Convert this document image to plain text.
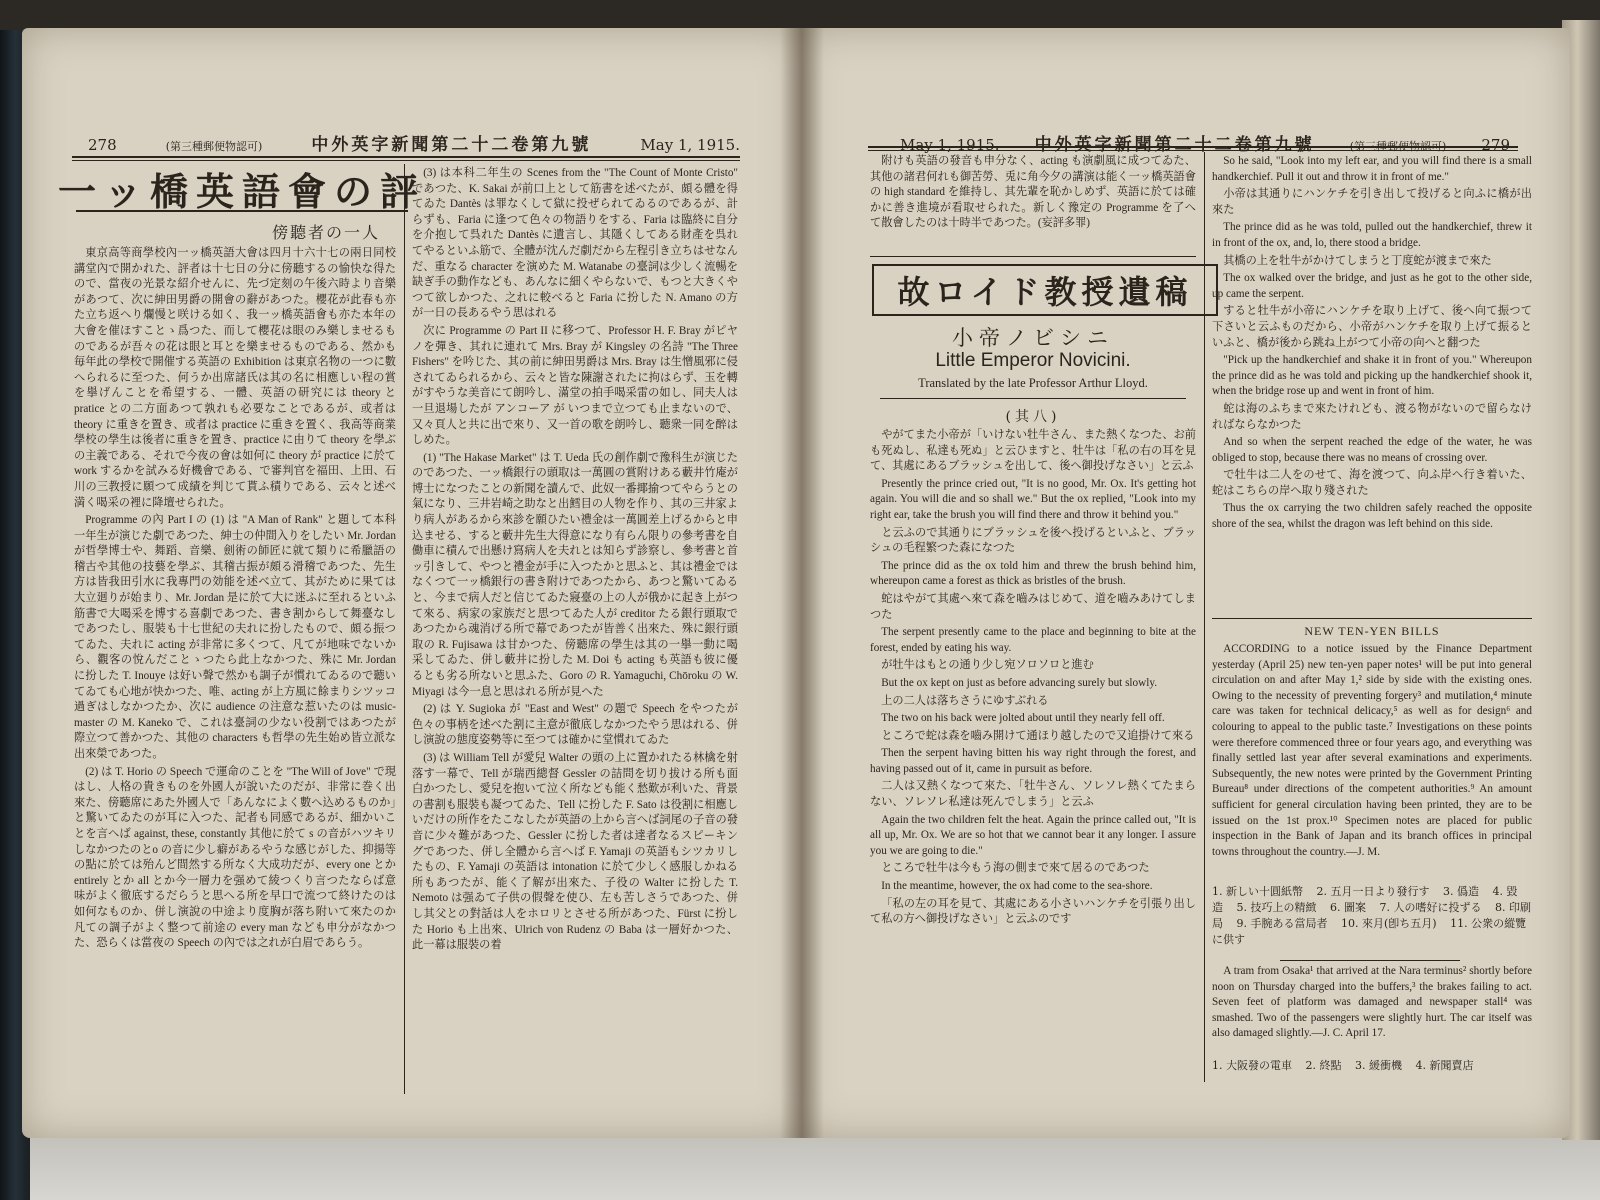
278	(第三種郵便物認可)	中外英字新聞第二十二卷第九號	May 1, 1915.
一ッ橋英語會の評
傍聽者の一人

東京高等商學校內一ッ橋英語大會は四月十六十七の兩日同校講堂內で開かれた、評者は十七日の分に傍聽するの愉快な得たので、當夜の光景な紹介せんに、先づ定刻の午後六時より音樂があつて、次に紳田男爵の開會の辭があつた。櫻花が此春も亦た立ち返へり爛慢と咲ける如く、我一ッ橋英語會も亦た本年の大會を催ほすことゝ爲つた、而して櫻花は眼のみ樂しませるものであるが吾々の花は眼と耳とを樂ませるものである、然かも毎年此の學校で開催する英語の Exhibition は東京名物の一つに數へられるに至つた、何うか出席諸氏は其の名に相應しい程の賞を擧げんことを希望する、一體、英語の研究には theory と pratice との二方面あつて孰れも必要なことであるが、或者は theory に重きを置き、或者は practice に重きを置く、我高等商業學校の學生は後者に重きを置き、practice に由りて theory を學ぶの主義である、それで今夜の會は如何に theory が practice に於て work するかを試みる好機會である、で審判官を福田、上田、石川の三教授に願つて成績を判じて貰ふ積りである、云々と述べ満く喝采の裡に降壇せられた。

Programme の內 Part I の (1) は "A Man of Rank" と題して本科一年生が演じた劇であつた、紳士の仲間入りをしたい Mr. Jordan が哲學博士や、舞蹈、音樂、劍術の師匠に就て類りに希臘語の稽古や其他の技藝を學ぶ、其稽古振が頗る滑稽であつた、先生方は皆我田引水に我專門の効能を述べ立て、其がために果ては大立廻りが始まり、Mr. Jordan 是に於て大に迷ふに至れるといふ筋書で大喝采を博する喜劇であつた、書き割からして舞臺なしであつたし、服裝も十七世紀の夫れに扮したもので、頗る振つてゐた、夫れに acting が非常に多くつて、凡てが地味でないから、觀客の悅んだことゝつたら此上なかつた、殊に Mr. Jordan に扮した T. Inouye は好い聲で然かも調子が慣れてゐるので聽いてゐても心地が快かつた、唯、acting が上方風に餘まりシツッコ過ぎはしなかつたか、次に audience の注意な惹いたのは music-master の M. Kaneko で、これは臺詞の少ない役割ではあつたが際立つて善かつた、其他の characters も哲學の先生始め皆立派な出來榮であつた。

(2) は T. Horio の Speech で運命のことを "The Will of Jove" で現はし、人格の貴きものを外國人が說いたのだが、非常に巻く出來た、傍聽席にあた外國人で「あんなによく數へ込めるものか」と驚いてゐたのが耳に入つた、記者も同感であるが、細かいことを言へば against, these, constantly 其他に於て s の音がハツキリしなかつたのとo の音に少し癖があるやうな感じがした、抑揚等の點に於ては殆んど間然する所なく大成功だが、every one とか entirely とか all とか今一層力を强めて綾つくり言つたならば意味がよく徹底するだらうと思へる所を早口で流つて終けたのは如何なものか、併し演說の中途より度胸が落ち附いて來たのか凡ての調子がよく整つて前途の every man なども申分がなかつた、恐らくは當夜の Speech の內では之れが白眉であらう。

(3) は本科二年生の Scenes from the "The Count of Monte Cristo" であつた、K. Sakai が前口上として筋書を述べたが、頗る體を得てゐた Dantès は罪なくして獄に投ぜられてゐるのであるが、計らずも、Faria に逢つて色々の物語りをする、Faria は臨終に自分を介抱して呉れた Dantès に遺言し、其隱くしてある財產を呉れてやるといふ筋で、全體が沈んだ劇だから左程引き立ちはせなんだ、重なる character を演めた M. Watanabe の臺詞は少しく流暢を缺ぎ手の動作なども、あんなに細くやらないで、もつと大きくやつて欲しかつた、之れに較べると Faria に扮した N. Amano の方が一日の長あるやう思はれる

次に Programme の Part II に移つて、Professor H. F. Bray がピヤノを彈き、其れに連れて Mrs. Bray が Kingsley の名詩 "The Three Fishers" を吟じた、其の前に紳田男爵は Mrs. Bray は生憎風邪に侵されてゐられるから、云々と皆な陳謝されたに拘はらず、玉を轉がすやうな美音にて朗吟し、滿堂の拍手喝采雷の如し、同夫人は一旦退場したが アンコーア が いつまで立つても止まないので、又々頁人と共に出で來り、又一首の歌を朗吟し、聽衆一同を醉はしめた。

(1) "The Hakase Market" は T. Ueda 氏の創作劇で豫科生が演じたのであつた、一ッ橋銀行の頭取は一萬圓の賞附けある藪井竹庵が博士になつたことの新聞を讀んで、此奴一番揶揄つてやらうとの氣になり、三井岩崎之助なと出鱈目の人物を作り、其の三井家より病人があるから來診を願ひたい禮金は一萬圓差上げるからと申込ませる、すると藪井先生大得意になり有らん限りの參考書を自働車に積んで出懸け寫病人を夫れとは知らず診察し、參考書と首ッ引きして、やつと禮金が手に入つたかと思ふと、其は禮金ではなくつて一ッ橋銀行の書き附けであつたから、あつと驚いてゐると、今まで病人だと信じてゐた寢臺の上の人が俄かに起き上がつて來る、病家の家族だと思つてゐた人が creditor たる銀行頭取であつたから魂消げる所で幕であつたが皆善く出來た、殊に銀行頭取の R. Fujisawa は甘かつた、傍聽席の學生は其の一擧一動に喝采してゐた、併し藪井に扮した M. Doi も acting も英語も彼に優るとも劣る所ないと思ふた、Goro の R. Yamaguchi, Chōroku の W. Miyagi は今一息と思はれる所が見へた

(2) は Y. Sugioka が "East and West" の題で Speech をやつたが色々の事柄を述べた割に主意が徹底しなかつたやう思はれる、併し演說の態度姿勢等に至つては確かに堂慣れてゐた

(3) は William Tell が愛兒 Walter の頭の上に置かれたる林檎を射落す一幕で、Tell が瑞西總督 Gessler の詰問を切り拔ける所も面白かつたし、愛兒を抱いて泣く所なども能く愁歎が利いた、背景の書割も服裝も凝つてゐた、Tell に扮した F. Sato は役割に相應しいだけの所作をたこなしたが英語の上から言へば詞尾の子音の發音に少々難があつた、Gessler に扮した者は達者なるスピーキングであつた、併し全體から言へば F. Yamaji の英語もシツカリしたもの、F. Yamaji の英語は intonation に於て少しく感服しかねる所もあつたが、能く了解が出來た、子役の Walter に扮した T. Nemoto は强ゐて子供の假聲を使ひ、左も苦しさうであつた、併し其父との對話は人をホロリとさせる所があつた、Fürst に扮した Horio も上出來、Ulrich von Rudenz の Baba は一層好かつた、此一幕は服裝の着

May 1, 1915. 中外英字新聞第二十二卷第九號	(第三種郵便物認可) 279

附けも英語の發音も申分なく、acting も演劇風に成つてゐた、其他の諸君何れも御苦勞、兎に角今夕の講演は能く一ッ橋英語會の high standard を維持し、其先輩を恥かしめず、英語に於ては確かに善き進境が看取せられた。新しく豫定の Programme を了へて散會したのは十時半であつた。(妄評多罪)

故ロイド教授遺稿
小帝ノビシニ
Little Emperor Novicini.
Translated by the late Professor Arthur Lloyd.
(其八)

やがてまた小帝が「いけない牡牛さん、また熱くなつた、お前も死ぬし、私達も死ぬ」と云ひますと、牡牛は「私の右の耳を見て、其處にあるブラッシュを出して、後へ御投げなさい」と云ふ

Presently the prince cried out, "It is no good, Mr. Ox. It's getting hot again. You will die and so shall we." But the ox replied, "Look into my right ear, take the brush you will find there and throw it behind you."

と云ふので其通りにブラッシュを後へ投げるといふと、ブラッシュの毛程繁つた森になつた

The prince did as the ox told him and threw the brush behind him, whereupon came a forest as thick as bristles of the brush.

蛇はやがて其處へ來て森を嚙みはじめて、道を嚙みあけてしまつた

The serpent presently came to the place and beginning to bite at the forest, ended by eating his way.

が牡牛はもとの通り少し宛ソロソロと進む

But the ox kept on just as before advancing surely but slowly.

上の二人は落ちさうにゆすぶれる

The two on his back were jolted about until they nearly fell off.

ところで蛇は森を嚙み開けて通ほり越したので又追掛けて來る

Then the serpent having bitten his way right through the forest, and having passed out of it, came in pursuit as before.

二人は又熱くなつて來た、「牡牛さん、ソレソレ熱くてたまらない、ソレソレ私達は死んでしまう」と云ふ

Again the two children felt the heat. Again the prince called out, "It is all up, Mr. Ox. We are so hot that we cannot bear it any longer. I assure you we are going to die."

ところで牡牛は今もう海の側まで來て居るのであつた

In the meantime, however, the ox had come to the sea-shore.

「私の左の耳を見て、其處にある小さいハンケチを引張り出して私の方へ御投げなさい」と云ふのです

So he said, "Look into my left ear, and you will find there is a small handkerchief. Pull it out and throw it in front of me."

小帝は其通りにハンケチを引き出して投げると向ふに橋が出來た

The prince did as he was told, pulled out the handkerchief, threw it in front of the ox, and, lo, there stood a bridge.

其橋の上を牡牛がかけてしまうと丁度蛇が渡まで來た

The ox walked over the bridge, and just as he got to the other side, up came the serpent.

すると牡牛が小帝にハンケチを取り上げて、後へ向て振つて下さいと云ふものだから、小帝がハンケチを取り上げて振るといふと、橋が後から跳ね上がつて小帝の向へと翻つた

"Pick up the handkerchief and shake it in front of you." Whereupon the prince did as he was told and picking up the handkerchief shook it, when the bridge rose up and went in front of him.

蛇は海のふちまで來たけれども、渡る物がないので留らなければならなかつた

And so when the serpent reached the edge of the water, he was obliged to stop, because there was no means of crossing over.

で牡牛は二人をのせて、海を渡つて、向ふ岸へ行き着いた、蛇はこちらの岸へ取り殘された

Thus the ox carrying the two children safely reached the opposite shore of the sea, whilst the dragon was left behind on this side.

NEW TEN-YEN BILLS

ACCORDING to a notice issued by the Finance Department yesterday (April 25) new ten-yen paper notes¹ will be put into general circulation on and after May 1,² side by side with the existing ones. Owing to the necessity of preventing forgery³ and mutilation,⁴ minute care was taken for technical delicacy,⁵ as well as for design⁶ and colouring to appeal to the public taste.⁷ Investigations on these points were therefore commenced three or four years ago, and everything was finally settled last year after several examinations and experiments. Subsequently, the new notes were printed by the Government Printing Bureau⁸ under directions of the competent authorities.⁹ An amount sufficient for general circulation having been printed, they are to be issued on the 1st prox.¹⁰ Specimen notes are placed for public inspection in the Bank of Japan and its branch offices in principal towns throughout the country.—J. M.

1. 新しい十圓紙幣 2. 五月一日より發行す 3. 僞造 4. 毀造 5. 技巧上の精緻 6. 圖案 7. 人の嗜好に投ずる 8. 印刷局 9. 手腕ある當局者 10. 來月(卽ち五月) 11. 公衆の縱覽に供す

A tram from Osaka¹ that arrived at the Nara terminus² shortly before noon on Thursday charged into the buffers,³ the brakes failing to act. Seven feet of platform was damaged and newspaper stall⁴ was smashed. Two of the passengers were slightly hurt. The car itself was also damaged slightly.—J. C. April 17.

1. 大阪發の電車 2. 終點 3. 緩衝機 4. 新聞賣店
